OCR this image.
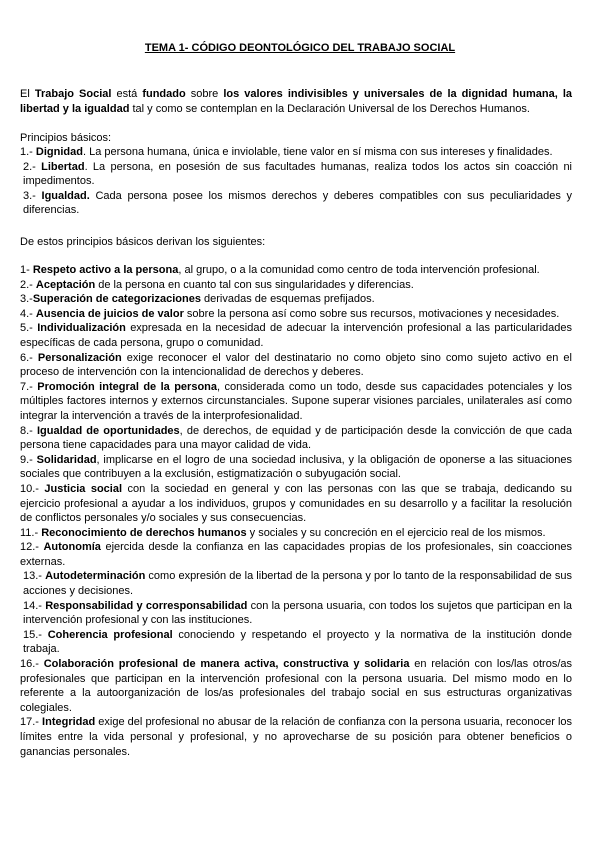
TEMA 1- CÓDIGO DEONTOLÓGICO DEL TRABAJO SOCIAL

El Trabajo Social está fundado sobre los valores indivisibles y universales de la dignidad humana, la libertad y la igualdad tal y como se contemplan en la Declaración Universal de los Derechos Humanos.

Principios básicos:

1.- Dignidad. La persona humana, única e inviolable, tiene valor en sí misma con sus intereses y finalidades.

2.- Libertad. La persona, en posesión de sus facultades humanas, realiza todos los actos sin coacción ni impedimentos.

3.- Igualdad. Cada persona posee los mismos derechos y deberes compatibles con sus peculiaridades y diferencias.

De estos principios básicos derivan los siguientes:

1- Respeto activo a la persona, al grupo, o a la comunidad como centro de toda intervención profesional.

2.- Aceptación de la persona en cuanto tal con sus singularidades y diferencias.

3.-Superación de categorizaciones derivadas de esquemas prefijados.

4.- Ausencia de juicios de valor sobre la persona así como sobre sus recursos, motivaciones y necesidades.

5.- Individualización expresada en la necesidad de adecuar la intervención profesional a las particularidades específicas de cada persona, grupo o comunidad.

6.- Personalización exige reconocer el valor del destinatario no como objeto sino como sujeto activo en el proceso de intervención con la intencionalidad de derechos y deberes.

7.- Promoción integral de la persona, considerada como un todo, desde sus capacidades potenciales y los múltiples factores internos y externos circunstanciales. Supone superar visiones parciales, unilaterales así como integrar la intervención a través de la interprofesionalidad.

8.- Igualdad de oportunidades, de derechos, de equidad y de participación desde la convicción de que cada persona tiene capacidades para una mayor calidad de vida.

9.- Solidaridad, implicarse en el logro de una sociedad inclusiva, y la obligación de oponerse a las situaciones sociales que contribuyen a la exclusión, estigmatización o subyugación social.

10.- Justicia social con la sociedad en general y con las personas con las que se trabaja, dedicando su ejercicio profesional a ayudar a los individuos, grupos y comunidades en su desarrollo y a facilitar la resolución de conflictos personales y/o sociales y sus consecuencias.

11.- Reconocimiento de derechos humanos y sociales y su concreción en el ejercicio real de los mismos.

12.- Autonomía ejercida desde la confianza en las capacidades propias de los profesionales, sin coacciones externas.

13.- Autodeterminación como expresión de la libertad de la persona y por lo tanto de la responsabilidad de sus acciones y decisiones.

14.- Responsabilidad y corresponsabilidad con la persona usuaria, con todos los sujetos que participan en la intervención profesional y con las instituciones.

15.- Coherencia profesional conociendo y respetando el proyecto y la normativa de la institución donde trabaja.

16.- Colaboración profesional de manera activa, constructiva y solidaria en relación con los/las otros/as profesionales que participan en la intervención profesional con la persona usuaria. Del mismo modo en lo referente a la autoorganización de los/as profesionales del trabajo social en sus estructuras organizativas colegiales.

17.- Integridad exige del profesional no abusar de la relación de confianza con la persona usuaria, reconocer los límites entre la vida personal y profesional, y no aprovecharse de su posición para obtener beneficios o ganancias personales.
